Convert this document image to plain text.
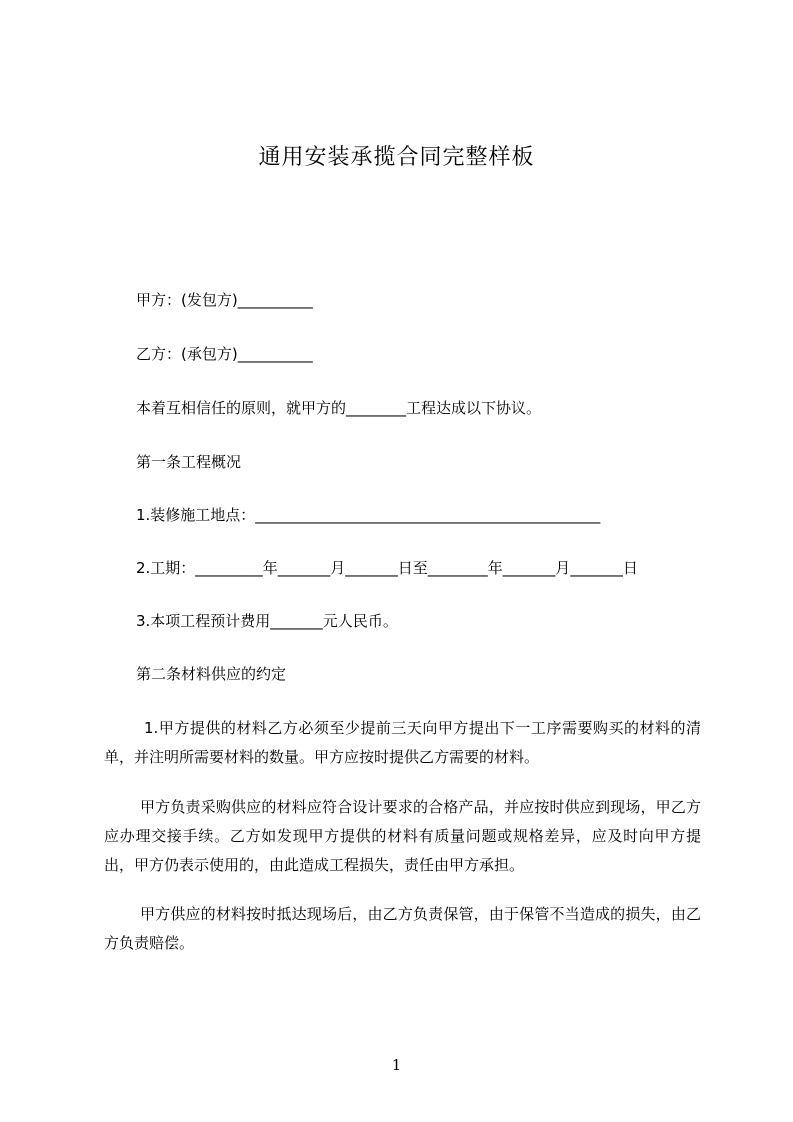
通用安装承揽合同完整样板
甲方：(发包方)__________
乙方：(承包方)__________
本着互相信任的原则，就甲方的________工程达成以下协议。
第一条工程概况
1.装修施工地点：______________________________________________
2.工期：_________年_______月_______日至________年_______月_______日
3.本项工程预计费用_______元人民币。
第二条材料供应的约定
1.甲方提供的材料乙方必须至少提前三天向甲方提出下一工序需要购买的材料的清单，并注明所需要材料的数量。甲方应按时提供乙方需要的材料。
甲方负责采购供应的材料应符合设计要求的合格产品，并应按时供应到现场，甲乙方应办理交接手续。乙方如发现甲方提供的材料有质量问题或规格差异，应及时向甲方提出，甲方仍表示使用的，由此造成工程损失，责任由甲方承担。
甲方供应的材料按时抵达现场后，由乙方负责保管，由于保管不当造成的损失，由乙方负责赔偿。
1
